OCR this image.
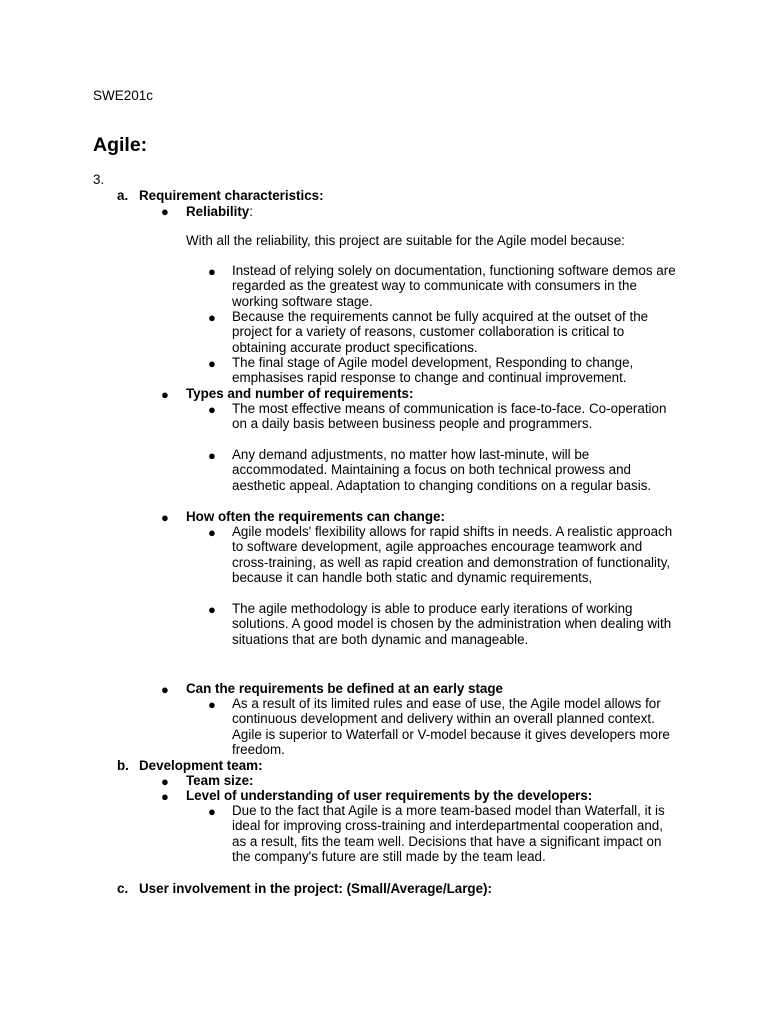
SWE201c

Agile:

3.

a. Requirement characteristics:
● Reliability:
With all the reliability, this project are suitable for the Agile model because:
● Instead of relying solely on documentation, functioning software demos are regarded as the greatest way to communicate with consumers in the working software stage.
● Because the requirements cannot be fully acquired at the outset of the project for a variety of reasons, customer collaboration is critical to obtaining accurate product specifications.
● The final stage of Agile model development, Responding to change, emphasises rapid response to change and continual improvement.
● Types and number of requirements:
● The most effective means of communication is face-to-face. Co-operation on a daily basis between business people and programmers.
● Any demand adjustments, no matter how last-minute, will be accommodated. Maintaining a focus on both technical prowess and aesthetic appeal. Adaptation to changing conditions on a regular basis.
● How often the requirements can change:
● Agile models' flexibility allows for rapid shifts in needs. A realistic approach to software development, agile approaches encourage teamwork and cross-training, as well as rapid creation and demonstration of functionality, because it can handle both static and dynamic requirements,
● The agile methodology is able to produce early iterations of working solutions. A good model is chosen by the administration when dealing with situations that are both dynamic and manageable.
● Can the requirements be defined at an early stage
● As a result of its limited rules and ease of use, the Agile model allows for continuous development and delivery within an overall planned context. Agile is superior to Waterfall or V-model because it gives developers more freedom.
b. Development team:
● Team size:
● Level of understanding of user requirements by the developers:
● Due to the fact that Agile is a more team-based model than Waterfall, it is ideal for improving cross-training and interdepartmental cooperation and, as a result, fits the team well. Decisions that have a significant impact on the company's future are still made by the team lead.
c. User involvement in the project: (Small/Average/Large):
